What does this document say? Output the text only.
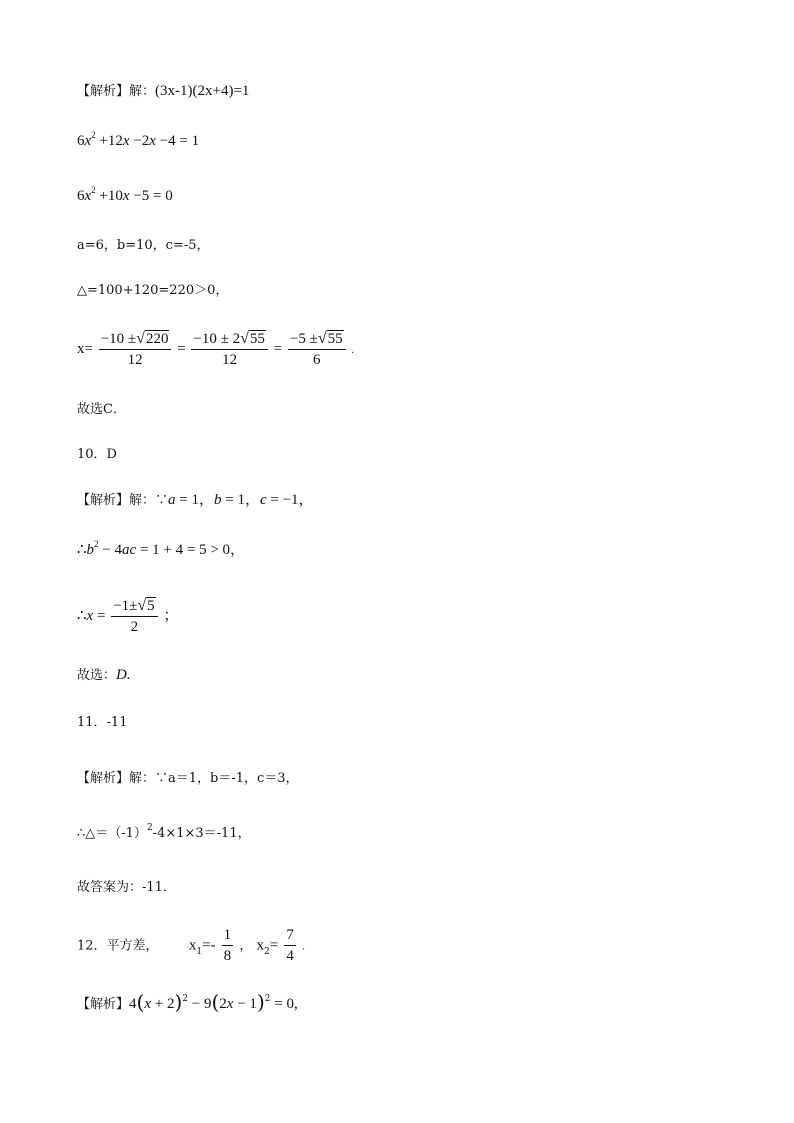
【解析】解：(3x-1)(2x+4)=1
$6x^2 +12x -2x -4 = 1$
$6x^2 +10x -5 = 0$
a=6，b=10，c=-5，
△=100+120=220＞0，
$x= \frac{-10 \pm√220}{12} = \frac{-10 \pm 2√55}{12} = \frac{-5 \pm√55}{6}$ .
故选C．
10．D
【解析】解：∵a = 1，b = 1，c = −1，
$\therefore b^2 - 4ac = 1 + 4 = 5 > 0$，
∴x = $\frac{-1\pm√5}{2}$ ；
故选：D.
11．-11
【解析】解：∵a＝1，b＝-1，c＝3，
$\therefore\triangle=(-1)^2-4\times 1\times 3=-11$，
故答案为：-11．
12．平方差， $x_1=- \frac{1}{8}$ ， $x_2= \frac{7}{4}$ .
【解析】$4(x + 2)^2 - 9(2x - 1)^2 = 0$,
